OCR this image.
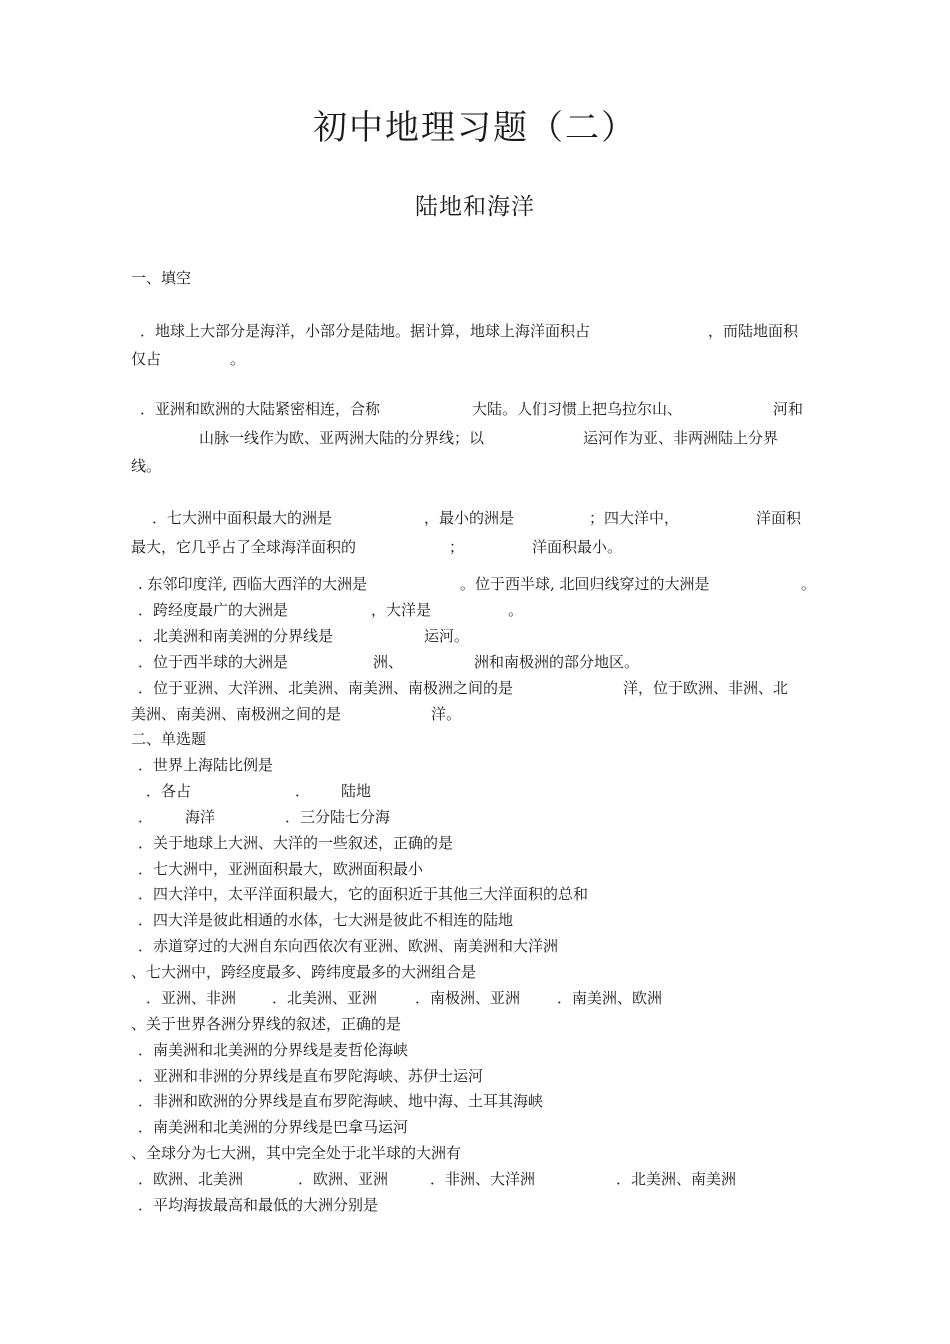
初中地理习题（二）
陆地和海洋
一、填空
．地球上大部分是海洋，小部分是陆地。据计算，地球上海洋面积占	，而陆地面积
仅占	。
．亚洲和欧洲的大陆紧密相连，合称	大陆。人们习惯上把乌拉尔山、	河和
山脉一线作为欧、亚两洲大陆的分界线；以	运河作为亚、非两洲陆上分界
线。
．七大洲中面积最大的洲是	，最小的洲是	；四大洋中，	洋面积
最大，它几乎占了全球海洋面积的	；	洋面积最小。
. 东邻印度洋, 西临大西洋的大洲是	。位于西半球, 北回归线穿过的大洲是	。
．跨经度最广的大洲是	，大洋是	。
．北美洲和南美洲的分界线是	运河。
．位于西半球的大洲是	洲、	洲和南极洲的部分地区。
．位于亚洲、大洋洲、北美洲、南美洲、南极洲之间的是	洋，位于欧洲、非洲、北
美洲、南美洲、南极洲之间的是	洋。
二、单选题
．世界上海陆比例是
．各占	． 陆地
． 海洋	．三分陆七分海
．关于地球上大洲、大洋的一些叙述，正确的是
．七大洲中，亚洲面积最大，欧洲面积最小
．四大洋中，太平洋面积最大，它的面积近于其他三大洋面积的总和
．四大洋是彼此相通的水体，七大洲是彼此不相连的陆地
．赤道穿过的大洲自东向西依次有亚洲、欧洲、南美洲和大洋洲
、七大洲中，跨经度最多、跨纬度最多的大洲组合是
．亚洲、非洲 ．北美洲、亚洲	．南极洲、亚洲 ．南美洲、欧洲
、关于世界各洲分界线的叙述，正确的是
．南美洲和北美洲的分界线是麦哲伦海峡
．亚洲和非洲的分界线是直布罗陀海峡、苏伊士运河
．非洲和欧洲的分界线是直布罗陀海峡、地中海、土耳其海峡
．南美洲和北美洲的分界线是巴拿马运河
、全球分为七大洲，其中完全处于北半球的大洲有
．欧洲、北美洲	．欧洲、亚洲	．非洲、大洋洲	．北美洲、南美洲
．平均海拔最高和最低的大洲分别是
